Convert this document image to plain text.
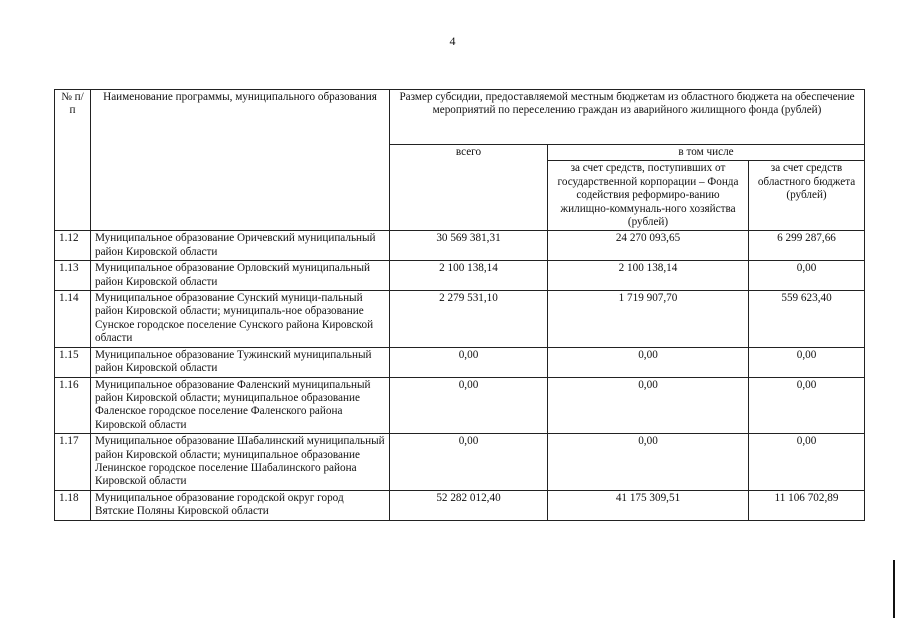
4
№ п/п	Наименование программы, муниципального образования	Размер субсидии, предоставляемой местным бюджетам из областного бюджета на обеспечение мероприятий по переселению граждан из аварийного жилищного фонда (рублей)		
		всего	в том числе	
			за счет средств, поступивших от государственной корпорации – Фонда содействия реформиро-ванию жилищно-коммуналь-ного хозяйства (рублей)	за счет средств областного бюджета (рублей)
1.12	Муниципальное образование Оричевский муниципальный район Кировской области	30 569 381,31	24 270 093,65	6 299 287,66
1.13	Муниципальное образование Орловский муниципальный район Кировской области	2 100 138,14	2 100 138,14	0,00
1.14	Муниципальное образование Сунский муници-пальный район Кировской области; муниципаль-ное образование Сунское городское поселение Сунского района Кировской области	2 279 531,10	1 719 907,70	559 623,40
1.15	Муниципальное образование Тужинский муниципальный район Кировской области	0,00	0,00	0,00
1.16	Муниципальное образование Фаленский муниципальный район Кировской области; муниципальное образование Фаленское городское поселение Фаленского района Кировской области	0,00	0,00	0,00
1.17	Муниципальное образование Шабалинский муниципальный район Кировской области; муниципальное образование Ленинское городское поселение Шабалинского района Кировской области	0,00	0,00	0,00
1.18	Муниципальное образование городской округ город Вятские Поляны Кировской области	52 282 012,40	41 175 309,51	11 106 702,89
